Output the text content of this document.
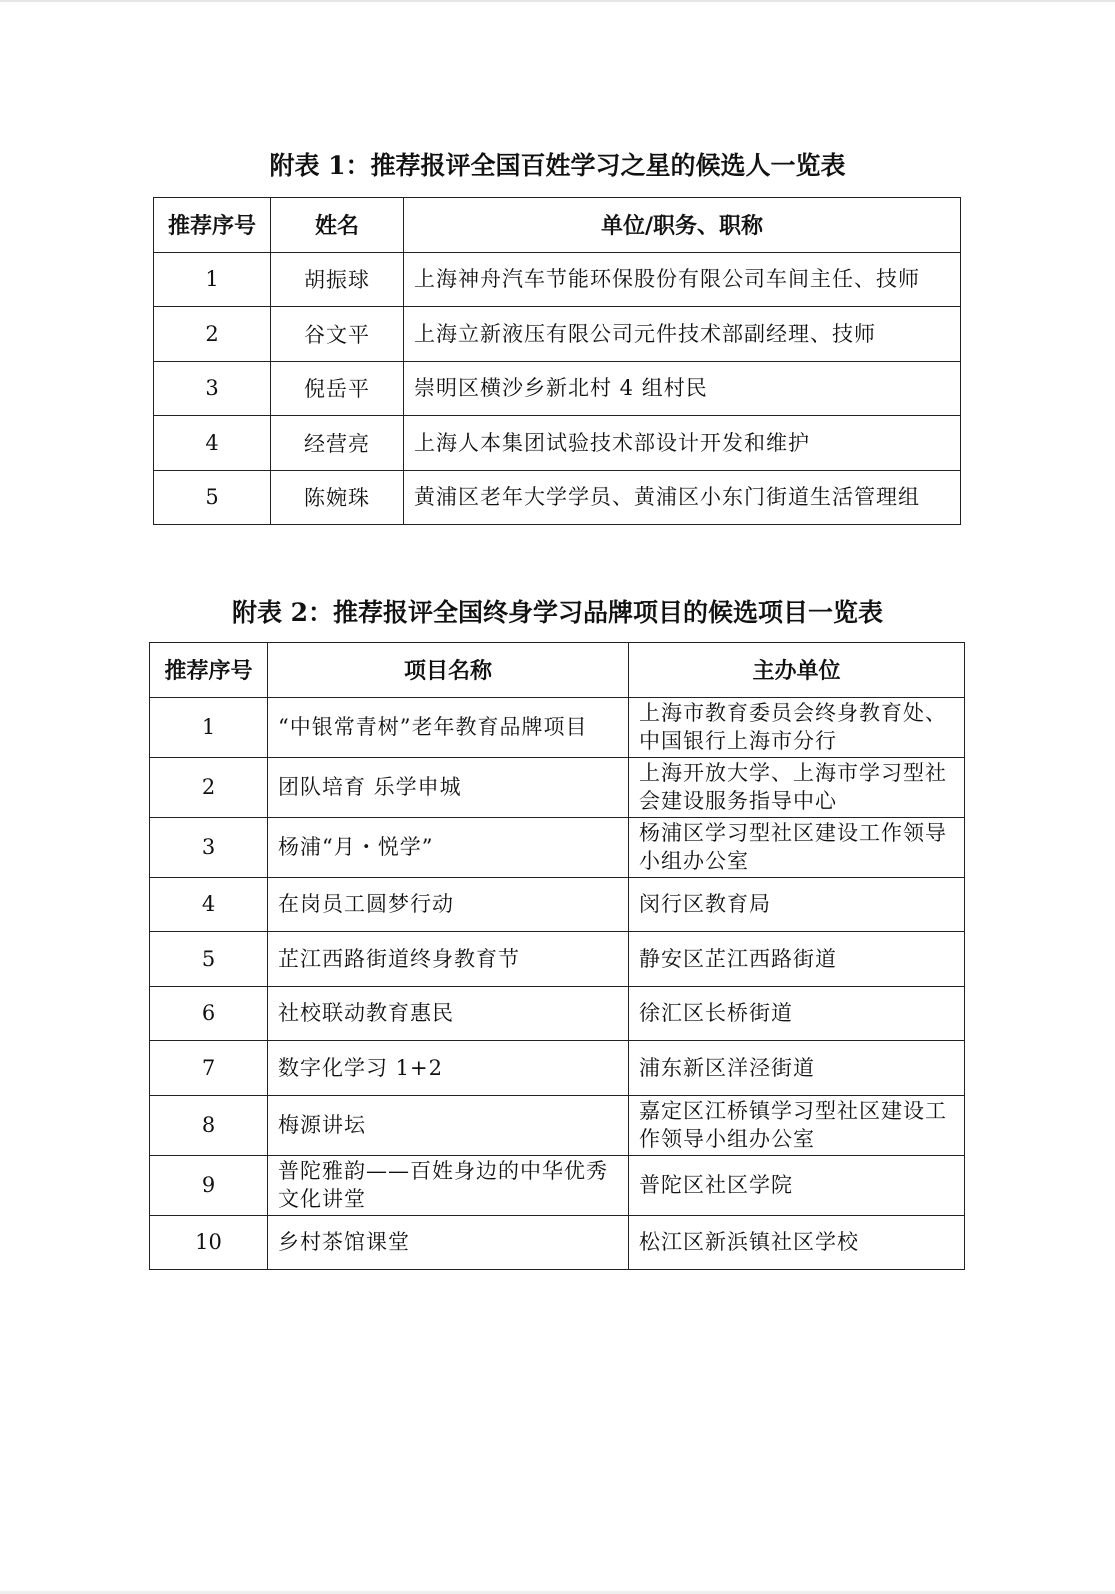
附表 1：推荐报评全国百姓学习之星的候选人一览表
推荐序号	姓名	单位/职务、职称
1	胡振球	上海神舟汽车节能环保股份有限公司车间主任、技师
2	谷文平	上海立新液压有限公司元件技术部副经理、技师
3	倪岳平	崇明区横沙乡新北村 4 组村民
4	经营亮	上海人本集团试验技术部设计开发和维护
5	陈婉珠	黄浦区老年大学学员、黄浦区小东门街道生活管理组
附表 2：推荐报评全国终身学习品牌项目的候选项目一览表
推荐序号	项目名称	主办单位
1	“中银常青树”老年教育品牌项目	上海市教育委员会终身教育处、中国银行上海市分行
2	团队培育 乐学申城	上海开放大学、上海市学习型社会建设服务指导中心
3	杨浦“月・悦学”	杨浦区学习型社区建设工作领导小组办公室
4	在岗员工圆梦行动	闵行区教育局
5	芷江西路街道终身教育节	静安区芷江西路街道
6	社校联动教育惠民	徐汇区长桥街道
7	数字化学习 1+2	浦东新区洋泾街道
8	梅源讲坛	嘉定区江桥镇学习型社区建设工作领导小组办公室
9	普陀雅韵——百姓身边的中华优秀文化讲堂	普陀区社区学院
10	乡村茶馆课堂	松江区新浜镇社区学校
